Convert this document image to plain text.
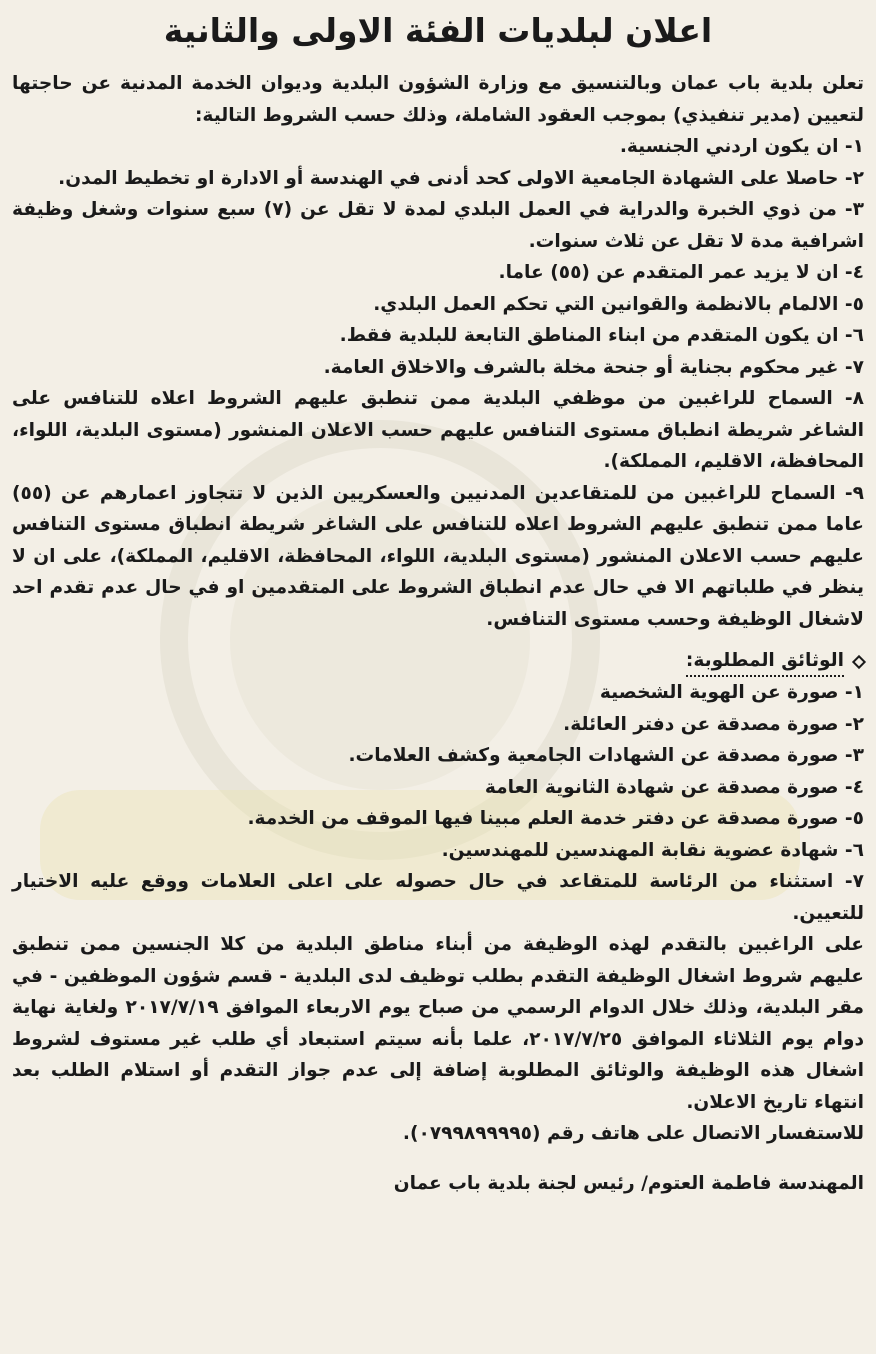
اعلان لبلديات الفئة الاولى والثانية

تعلن بلدية باب عمان وبالتنسيق مع وزارة الشؤون البلدية وديوان الخدمة المدنية عن حاجتها لتعيين (مدير تنفيذي) بموجب العقود الشاملة، وذلك حسب الشروط التالية:

١- ان يكون اردني الجنسية.
٢- حاصلا على الشهادة الجامعية الاولى كحد أدنى في الهندسة أو الادارة او تخطيط المدن.
٣- من ذوي الخبرة والدراية في العمل البلدي لمدة لا تقل عن (٧) سبع سنوات وشغل وظيفة اشرافية مدة لا تقل عن ثلاث سنوات.
٤- ان لا يزيد عمر المتقدم عن (٥٥) عاما.
٥- الالمام بالانظمة والقوانين التي تحكم العمل البلدي.
٦- ان يكون المتقدم من ابناء المناطق التابعة للبلدية فقط.
٧- غير محكوم بجناية أو جنحة مخلة بالشرف والاخلاق العامة.
٨- السماح للراغبين من موظفي البلدية ممن تنطبق عليهم الشروط اعلاه للتنافس على الشاغر شريطة انطباق مستوى التنافس عليهم حسب الاعلان المنشور (مستوى البلدية، اللواء، المحافظة، الاقليم، المملكة).
٩- السماح للراغبين من للمتقاعدين المدنيين والعسكريين الذين لا تتجاوز اعمارهم عن (٥٥) عاما ممن تنطبق عليهم الشروط اعلاه للتنافس على الشاغر شريطة انطباق مستوى التنافس عليهم حسب الاعلان المنشور (مستوى البلدية، اللواء، المحافظة، الاقليم، المملكة)، على ان لا ينظر في طلباتهم الا في حال عدم انطباق الشروط على المتقدمين او في حال عدم تقدم احد لاشغال الوظيفة وحسب مستوى التنافس.
الوثائق المطلوبة:
١- صورة عن الهوية الشخصية
٢- صورة مصدقة عن دفتر العائلة.
٣- صورة مصدقة عن الشهادات الجامعية وكشف العلامات.
٤- صورة مصدقة عن شهادة الثانوية العامة
٥- صورة مصدقة عن دفتر خدمة العلم مبينا فيها الموقف من الخدمة.
٦- شهادة عضوية نقابة المهندسين للمهندسين.
٧- استثناء من الرئاسة للمتقاعد في حال حصوله على اعلى العلامات ووقع عليه الاختيار للتعيين.

على الراغبين بالتقدم لهذه الوظيفة من أبناء مناطق البلدية من كلا الجنسين ممن تنطبق عليهم شروط اشغال الوظيفة التقدم بطلب توظيف لدى البلدية - قسم شؤون الموظفين - في مقر البلدية، وذلك خلال الدوام الرسمي من صباح يوم الاربعاء الموافق ٢٠١٧/٧/١٩ ولغاية نهاية دوام يوم الثلاثاء الموافق ٢٠١٧/٧/٢٥، علما بأنه سيتم استبعاد أي طلب غير مستوف لشروط اشغال هذه الوظيفة والوثائق المطلوبة إضافة إلى عدم جواز التقدم أو استلام الطلب بعد انتهاء تاريخ الاعلان.

للاستفسار الاتصال على هاتف رقم (٠٧٩٩٨٩٩٩٩٥).

المهندسة فاطمة العتوم/ رئيس لجنة بلدية باب عمان
